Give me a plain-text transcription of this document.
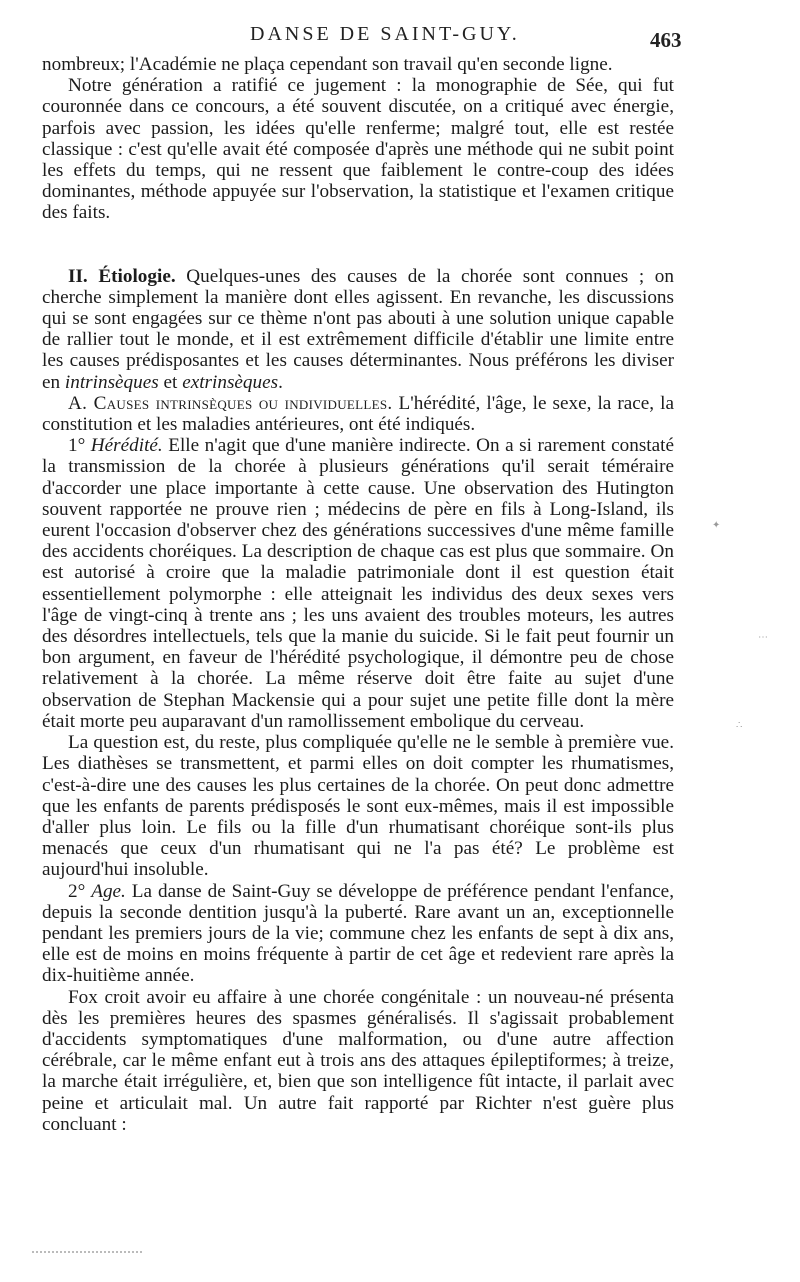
DANSE DE SAINT-GUY.	463

nombreux; l'Académie ne plaça cependant son travail qu'en seconde ligne.

Notre génération a ratifié ce jugement : la monographie de Sée, qui fut couronnée dans ce concours, a été souvent discutée, on a critiqué avec énergie, parfois avec passion, les idées qu'elle renferme; malgré tout, elle est restée classique : c'est qu'elle avait été composée d'après une méthode qui ne subit point les effets du temps, qui ne ressent que faiblement le contre-coup des idées dominantes, méthode appuyée sur l'observation, la statistique et l'examen critique des faits.

II. Étiologie. Quelques-unes des causes de la chorée sont connues ; on cherche simplement la manière dont elles agissent. En revanche, les discussions qui se sont engagées sur ce thème n'ont pas abouti à une solution unique capable de rallier tout le monde, et il est extrêmement difficile d'établir une limite entre les causes prédisposantes et les causes déterminantes. Nous préférons les diviser en intrinsèques et extrinsèques.

A. Causes intrinsèques ou individuelles. L'hérédité, l'âge, le sexe, la race, la constitution et les maladies antérieures, ont été indiqués.

1° Hérédité. Elle n'agit que d'une manière indirecte. On a si rarement constaté la transmission de la chorée à plusieurs générations qu'il serait téméraire d'accorder une place importante à cette cause. Une observation des Hutington souvent rapportée ne prouve rien ; médecins de père en fils à Long-Island, ils eurent l'occasion d'observer chez des générations successives d'une même famille des accidents choréiques. La description de chaque cas est plus que sommaire. On est autorisé à croire que la maladie patrimoniale dont il est question était essentiellement polymorphe : elle atteignait les individus des deux sexes vers l'âge de vingt-cinq à trente ans ; les uns avaient des troubles moteurs, les autres des désordres intellectuels, tels que la manie du suicide. Si le fait peut fournir un bon argument, en faveur de l'hérédité psychologique, il démontre peu de chose relativement à la chorée. La même réserve doit être faite au sujet d'une observation de Stephan Mackensie qui a pour sujet une petite fille dont la mère était morte peu auparavant d'un ramollissement embolique du cerveau.

La question est, du reste, plus compliquée qu'elle ne le semble à première vue. Les diathèses se transmettent, et parmi elles on doit compter les rhumatismes, c'est-à-dire une des causes les plus certaines de la chorée. On peut donc admettre que les enfants de parents prédisposés le sont eux-mêmes, mais il est impossible d'aller plus loin. Le fils ou la fille d'un rhumatisant choréique sont-ils plus menacés que ceux d'un rhumatisant qui ne l'a pas été? Le problème est aujourd'hui insoluble.

2° Age. La danse de Saint-Guy se développe de préférence pendant l'enfance, depuis la seconde dentition jusqu'à la puberté. Rare avant un an, exceptionnelle pendant les premiers jours de la vie; commune chez les enfants de sept à dix ans, elle est de moins en moins fréquente à partir de cet âge et redevient rare après la dix-huitième année.

Fox croit avoir eu affaire à une chorée congénitale : un nouveau-né présenta dès les premières heures des spasmes généralisés. Il s'agissait probablement d'accidents symptomatiques d'une malformation, ou d'une autre affection cérébrale, car le même enfant eut à trois ans des attaques épileptiformes; à treize, la marche était irrégulière, et, bien que son intelligence fût intacte, il parlait avec peine et articulait mal. Un autre fait rapporté par Richter n'est guère plus concluant :

✦
⋯
∴
